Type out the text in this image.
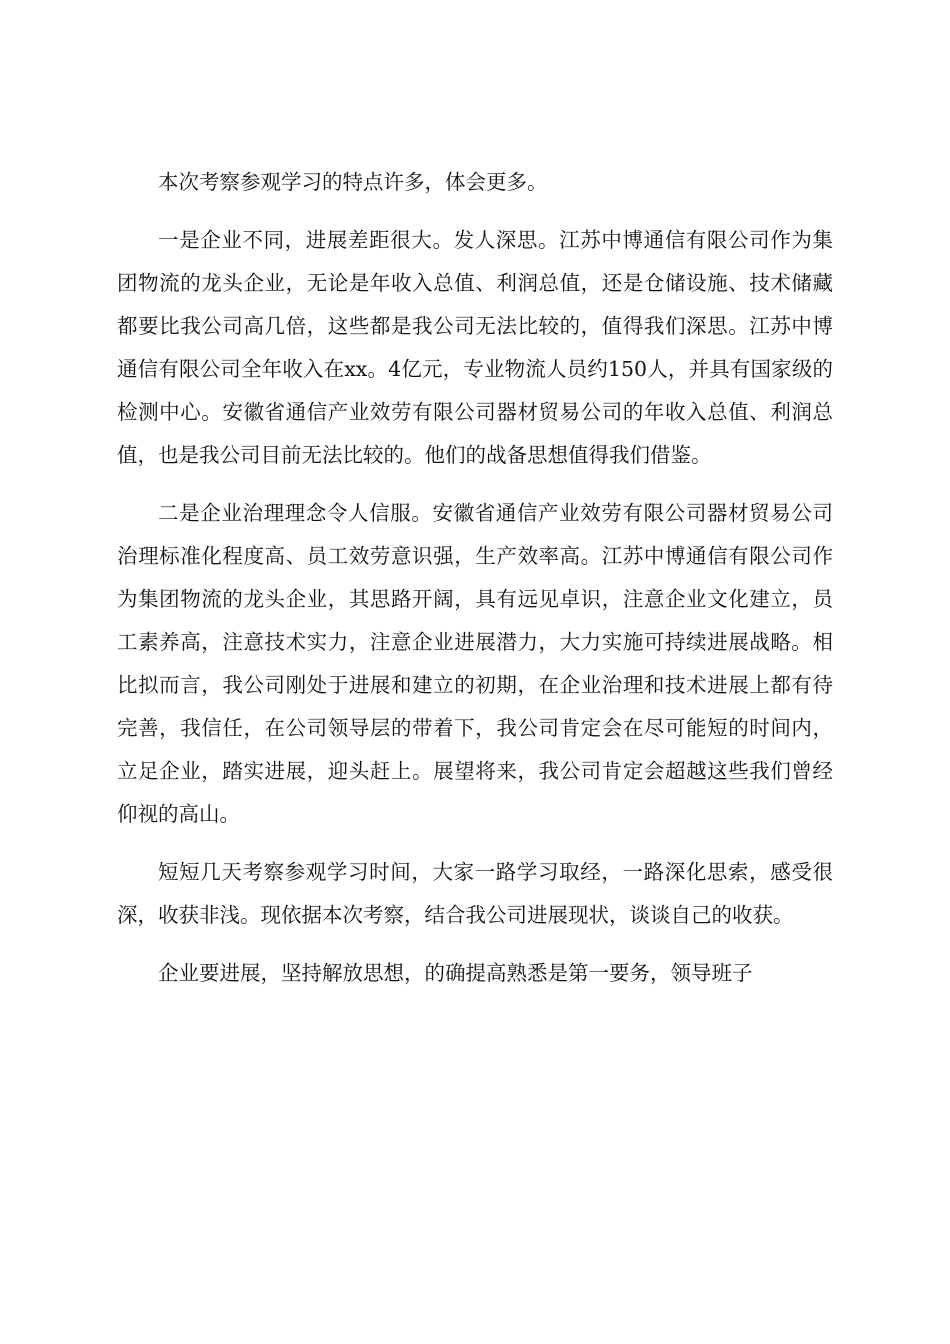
本次考察参观学习的特点许多，体会更多。

一是企业不同，进展差距很大。发人深思。江苏中博通信有限公司作为集团物流的龙头企业，无论是年收入总值、利润总值，还是仓储设施、技术储藏都要比我公司高几倍，这些都是我公司无法比较的，值得我们深思。江苏中博通信有限公司全年收入在xx。4亿元，专业物流人员约150人，并具有国家级的检测中心。安徽省通信产业效劳有限公司器材贸易公司的年收入总值、利润总值，也是我公司目前无法比较的。他们的战备思想值得我们借鉴。

二是企业治理理念令人信服。安徽省通信产业效劳有限公司器材贸易公司治理标准化程度高、员工效劳意识强，生产效率高。江苏中博通信有限公司作为集团物流的龙头企业，其思路开阔，具有远见卓识，注意企业文化建立，员工素养高，注意技术实力，注意企业进展潜力，大力实施可持续进展战略。相比拟而言，我公司刚处于进展和建立的初期，在企业治理和技术进展上都有待完善，我信任，在公司领导层的带着下，我公司肯定会在尽可能短的时间内，立足企业，踏实进展，迎头赶上。展望将来，我公司肯定会超越这些我们曾经仰视的高山。

短短几天考察参观学习时间，大家一路学习取经，一路深化思索，感受很深，收获非浅。现依据本次考察，结合我公司进展现状，谈谈自己的收获。

企业要进展，坚持解放思想，的确提高熟悉是第一要务，领导班子
